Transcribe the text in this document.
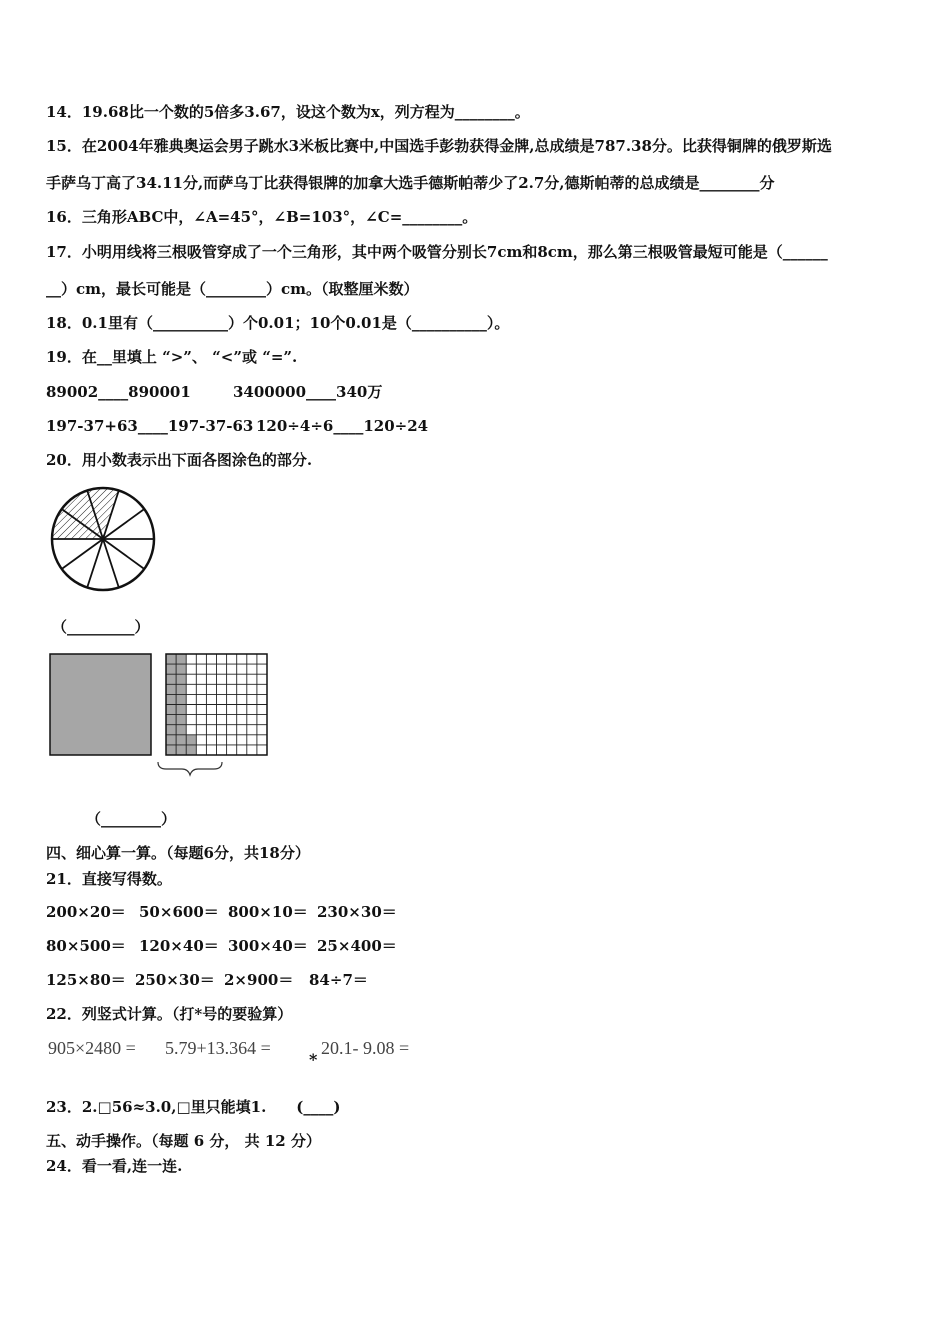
14．19.68比一个数的5倍多3.67，设这个数为x，列方程为________。
15．在2004年雅典奥运会男子跳水3米板比赛中,中国选手彭勃获得金牌,总成绩是787.38分。比获得铜牌的俄罗斯选
手萨乌丁高了34.11分,而萨乌丁比获得银牌的加拿大选手德斯帕蒂少了2.7分,德斯帕蒂的总成绩是________分
16．三角形ABC中，∠A=45°，∠B=103°，∠C=________。
17．小明用线将三根吸管穿成了一个三角形，其中两个吸管分别长7cm和8cm，那么第三根吸管最短可能是（______
__）cm，最长可能是（________）cm。（取整厘米数）
18．0.1里有（__________）个0.01；10个0.01是（__________）。
19．在__里填上 “>”、 “<”或 “=”.
89002____890001	3400000____340万
197-37+63____197-37-63 120÷4÷6____120÷24
20．用小数表示出下面各图涂色的部分.
（_________）
（________）
四、细心算一算。（每题6分，共18分）
21．直接写得数。
200×20＝ 50×600＝ 800×10＝ 230×30＝
80×500＝ 120×40＝ 300×40＝ 25×400＝
125×80＝ 250×30＝ 2×900＝ 84÷7＝
22．列竖式计算。（打*号的要验算）
905×2480 = 5.79+13.364 =
*
20.1- 9.08 =
23．2.□56≈3.0,□里只能填1.　　(____)
五、动手操作。（每题 6 分， 共 12 分）
24．看一看,连一连.
